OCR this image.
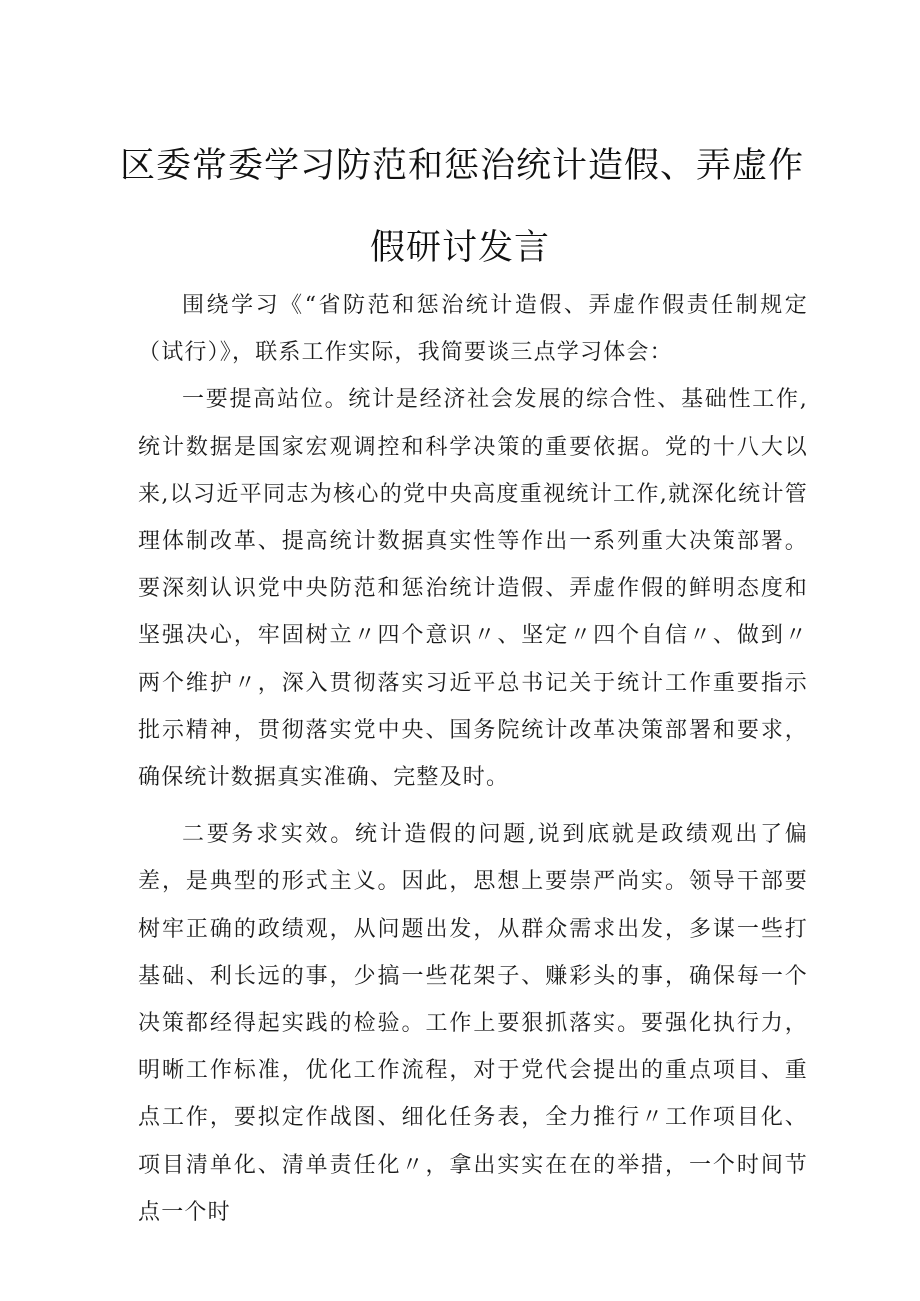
区委常委学习防范和惩治统计造假、弄虚作
假研讨发言

围绕学习《“省防范和惩治统计造假、弄虚作假责任制规定（试行）》，联系工作实际，我简要谈三点学习体会：

一要提高站位。统计是经济社会发展的综合性、基础性工作,统计数据是国家宏观调控和科学决策的重要依据。党的十八大以来,以习近平同志为核心的党中央高度重视统计工作,就深化统计管理体制改革、提高统计数据真实性等作出一系列重大决策部署。要深刻认识党中央防范和惩治统计造假、弄虚作假的鲜明态度和坚强决心，牢固树立〃四个意识〃、坚定〃四个自信〃、做到〃两个维护〃，深入贯彻落实习近平总书记关于统计工作重要指示批示精神，贯彻落实党中央、国务院统计改革决策部署和要求，确保统计数据真实准确、完整及时。

二要务求实效。统计造假的问题,说到底就是政绩观出了偏差，是典型的形式主义。因此，思想上要崇严尚实。领导干部要树牢正确的政绩观，从问题出发，从群众需求出发，多谋一些打基础、利长远的事，少搞一些花架子、赚彩头的事，确保每一个决策都经得起实践的检验。工作上要狠抓落实。要强化执行力，明晰工作标准，优化工作流程，对于党代会提出的重点项目、重点工作，要拟定作战图、细化任务表，全力推行〃工作项目化、项目清单化、清单责任化〃，拿出实实在在的举措，一个时间节点一个时
